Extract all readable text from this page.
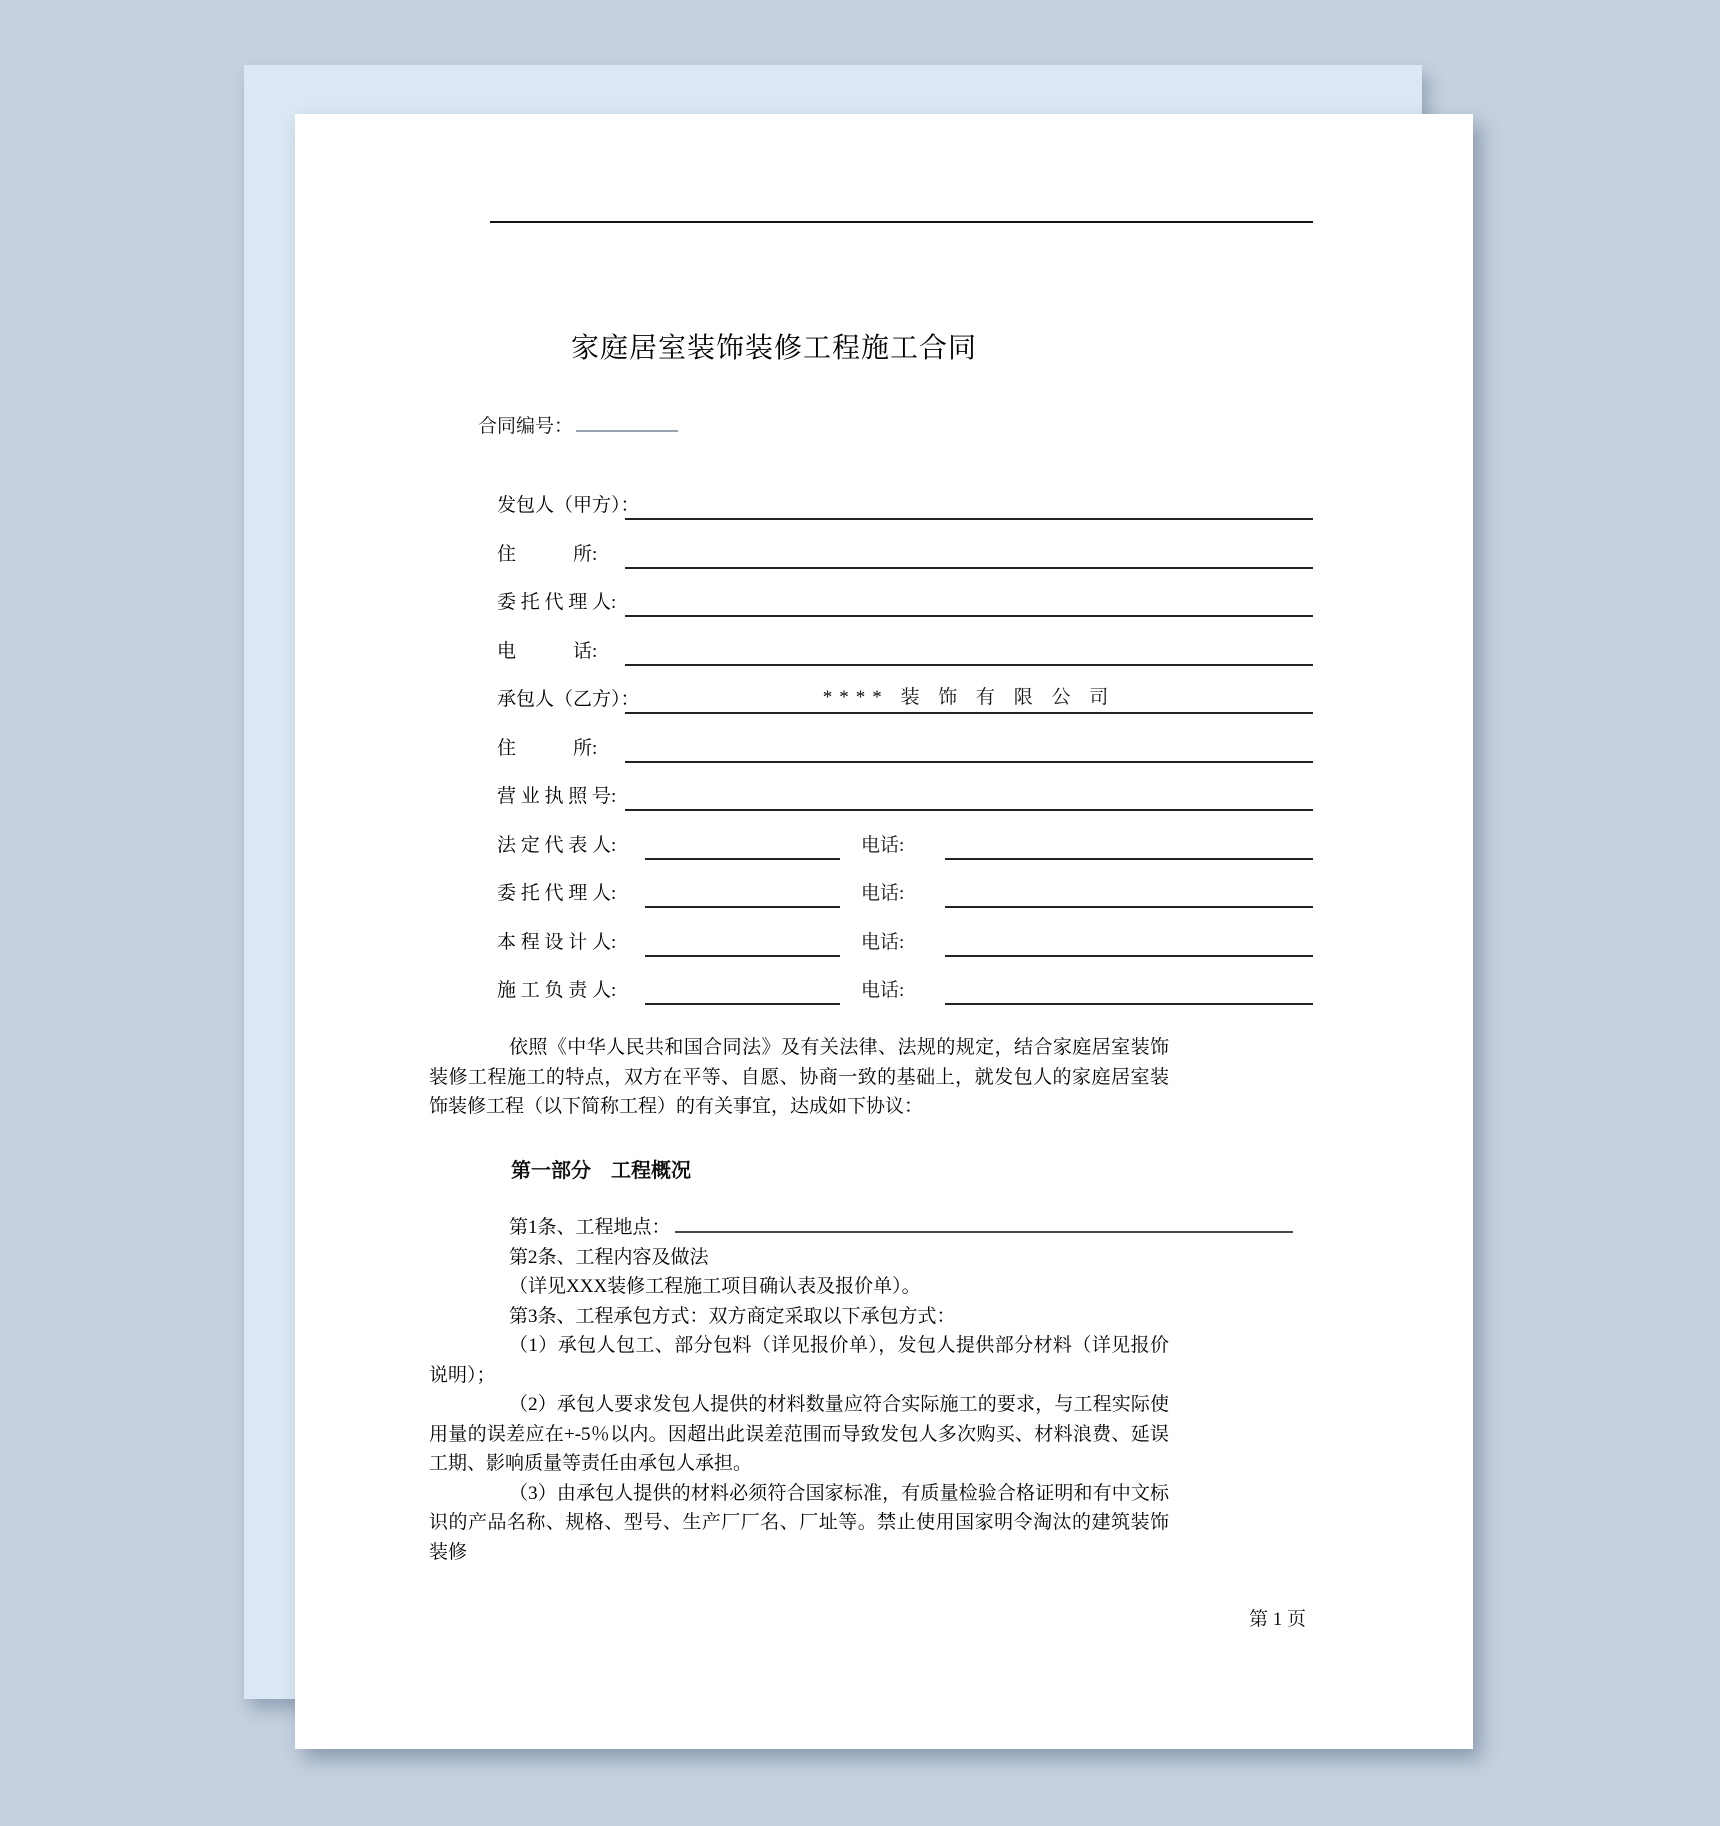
家庭居室装饰装修工程施工合同
合同编号：
发包人（甲方）：
住　　　所:
委 托 代 理 人:
电　　　话:
承包人（乙方）：	**** 装 饰 有 限 公 司
住　　　所:
营 业 执 照 号:
法 定 代 表 人:	电话:
委 托 代 理 人:	电话:
本 程 设 计 人:	电话:
施 工 负 责 人:	电话:
依照《中华人民共和国合同法》及有关法律、法规的规定，结合家庭居室装饰装修工程施工的特点，双方在平等、自愿、协商一致的基础上，就发包人的家庭居室装饰装修工程（以下简称工程）的有关事宜，达成如下协议：
第一部分　工程概况

第1条、工程地点：

第2条、工程内容及做法

（详见XXX装修工程施工项目确认表及报价单）。

第3条、工程承包方式：双方商定采取以下承包方式：

（1）承包人包工、部分包料（详见报价单），发包人提供部分材料（详见报价说明）；

（2）承包人要求发包人提供的材料数量应符合实际施工的要求，与工程实际使用量的误差应在+-5％以内。因超出此误差范围而导致发包人多次购买、材料浪费、延误工期、影响质量等责任由承包人承担。

（3）由承包人提供的材料必须符合国家标准，有质量检验合格证明和有中文标识的产品名称、规格、型号、生产厂厂名、厂址等。禁止使用国家明令淘汰的建筑装饰装修

第 1 页
